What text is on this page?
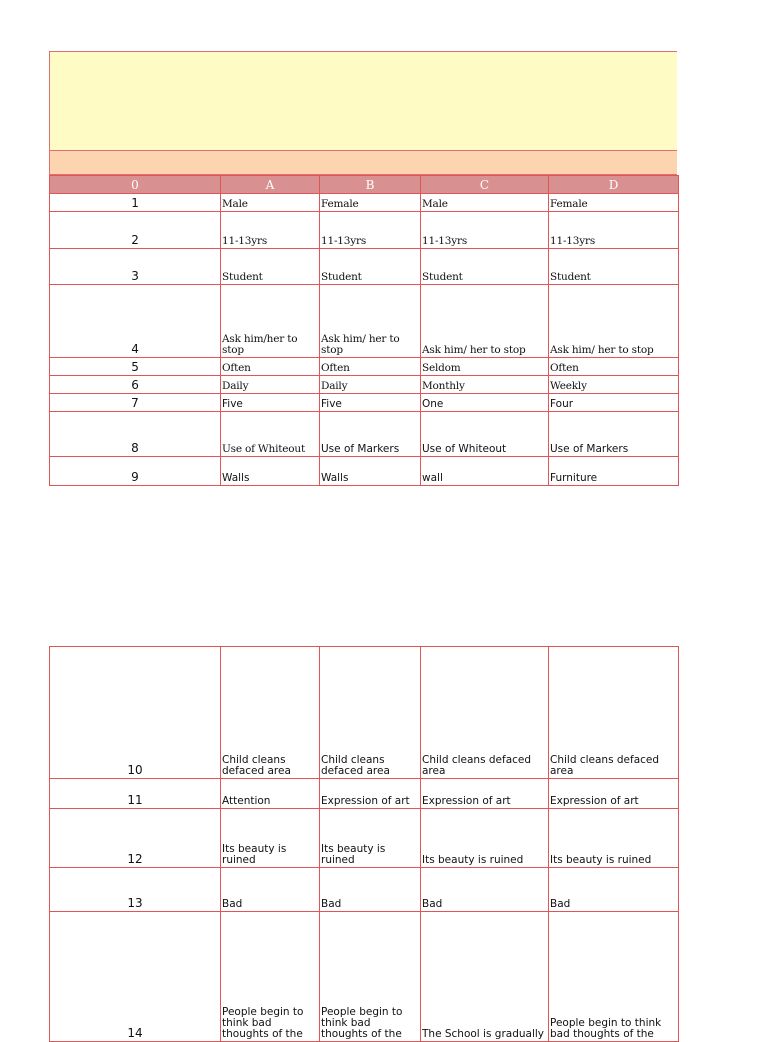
0	A	B	C	D
1	Male	Female	Male	Female
2	11-13yrs	11-13yrs	11-13yrs	11-13yrs
3	Student	Student	Student	Student
4	Ask him/her to stop	Ask him/ her to stop	Ask him/ her to stop	Ask him/ her to stop
5	Often	Often	Seldom	Often
6	Daily	Daily	Monthly	Weekly
7	Five	Five	One	Four
8	Use of Whiteout	Use of Markers	Use of Whiteout	Use of Markers
9	Walls	Walls	wall	Furniture
10	Child cleans defaced area	Child cleans defaced area	Child cleans defaced area	Child cleans defaced area
11	Attention	Expression of art	Expression of art	Expression of art
12	Its beauty is ruined	Its beauty is ruined	Its beauty is ruined	Its beauty is ruined
13	Bad	Bad	Bad	Bad
14	People begin to think bad thoughts of the	People begin to think bad thoughts of the	The School is gradually	People begin to think bad thoughts of the
